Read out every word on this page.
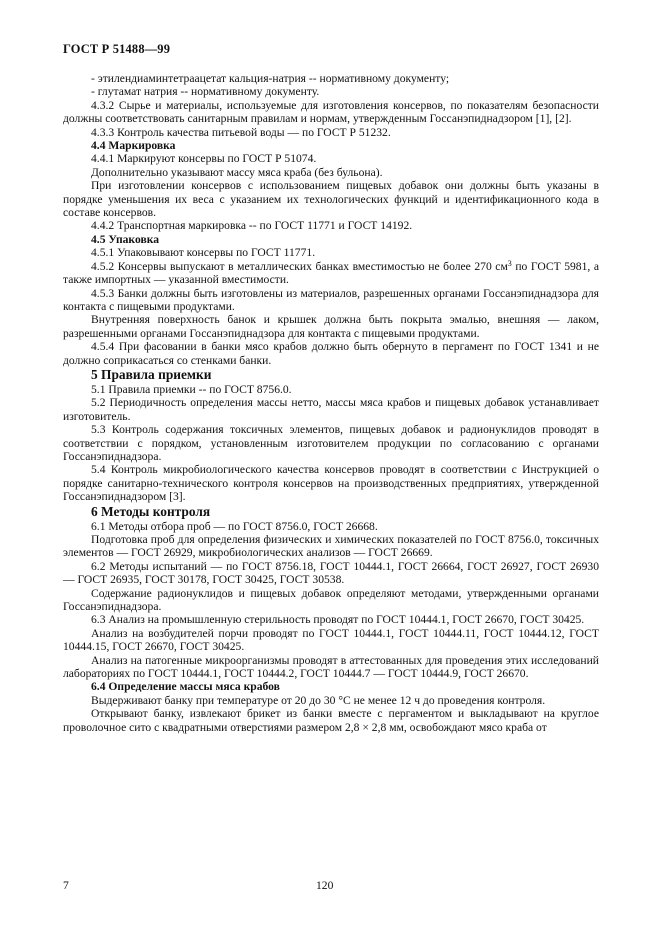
ГОСТ Р 51488—99

- этилендиаминтетраацетат кальция-натрия -- нормативному документу;

- глутамат натрия -- нормативному документу.

4.3.2 Сырье и материалы, используемые для изготовления консервов, по показателям безопасности должны соответствовать санитарным правилам и нормам, утвержденным Госсанэпиднадзором [1], [2].

4.3.3 Контроль качества питьевой воды — по ГОСТ Р 51232.

4.4 Маркировка

4.4.1 Маркируют консервы по ГОСТ Р 51074.

Дополнительно указывают массу мяса краба (без бульона).

При изготовлении консервов с использованием пищевых добавок они должны быть указаны в порядке уменьшения их веса с указанием их технологических функций и идентификационного кода в составе консервов.

4.4.2 Транспортная маркировка -- по ГОСТ 11771 и ГОСТ 14192.

4.5 Упаковка

4.5.1 Упаковывают консервы по ГОСТ 11771.

4.5.2 Консервы выпускают в металлических банках вместимостью не более 270 $см^3$ по ГОСТ 5981, а также импортных — указанной вместимости.

4.5.3 Банки должны быть изготовлены из материалов, разрешенных органами Госсанэпиднадзора для контакта с пищевыми продуктами.

Внутренняя поверхность банок и крышек должна быть покрыта эмалью, внешняя — лаком, разрешенными органами Госсанэпиднадзора для контакта с пищевыми продуктами.

4.5.4 При фасовании в банки мясо крабов должно быть обернуто в пергамент по ГОСТ 1341 и не должно соприкасаться со стенками банки.

5 Правила приемки

5.1 Правила приемки -- по ГОСТ 8756.0.

5.2 Периодичность определения массы нетто, массы мяса крабов и пищевых добавок устанавливает изготовитель.

5.3 Контроль содержания токсичных элементов, пищевых добавок и радионуклидов проводят в соответствии с порядком, установленным изготовителем продукции по согласованию с органами Госсанэпиднадзора.

5.4 Контроль микробиологического качества консервов проводят в соответствии с Инструкцией о порядке санитарно-технического контроля консервов на производственных предприятиях, утвержденной Госсанэпиднадзором [3].

6 Методы контроля

6.1 Методы отбора проб — по ГОСТ 8756.0, ГОСТ 26668.

Подготовка проб для определения физических и химических показателей по ГОСТ 8756.0, токсичных элементов — ГОСТ 26929, микробиологических анализов — ГОСТ 26669.

6.2 Методы испытаний — по ГОСТ 8756.18, ГОСТ 10444.1, ГОСТ 26664, ГОСТ 26927, ГОСТ 26930 — ГОСТ 26935, ГОСТ 30178, ГОСТ 30425, ГОСТ 30538.

Содержание радионуклидов и пищевых добавок определяют методами, утвержденными органами Госсанэпиднадзора.

6.3 Анализ на промышленную стерильность проводят по ГОСТ 10444.1, ГОСТ 26670, ГОСТ 30425.

Анализ на возбудителей порчи проводят по ГОСТ 10444.1, ГОСТ 10444.11, ГОСТ 10444.12, ГОСТ 10444.15, ГОСТ 26670, ГОСТ 30425.

Анализ на патогенные микроорганизмы проводят в аттестованных для проведения этих исследований лабораториях по ГОСТ 10444.1, ГОСТ 10444.2, ГОСТ 10444.7 — ГОСТ 10444.9, ГОСТ 26670.

6.4 Определение массы мяса крабов

Выдерживают банку при температуре от 20 до 30 °С не менее 12 ч до проведения контроля.

Открывают банку, извлекают брикет из банки вместе с пергаментом и выкладывают на круглое проволочное сито с квадратными отверстиями размером 2,8 × 2,8 мм, освобождают мясо краба от

7	120
